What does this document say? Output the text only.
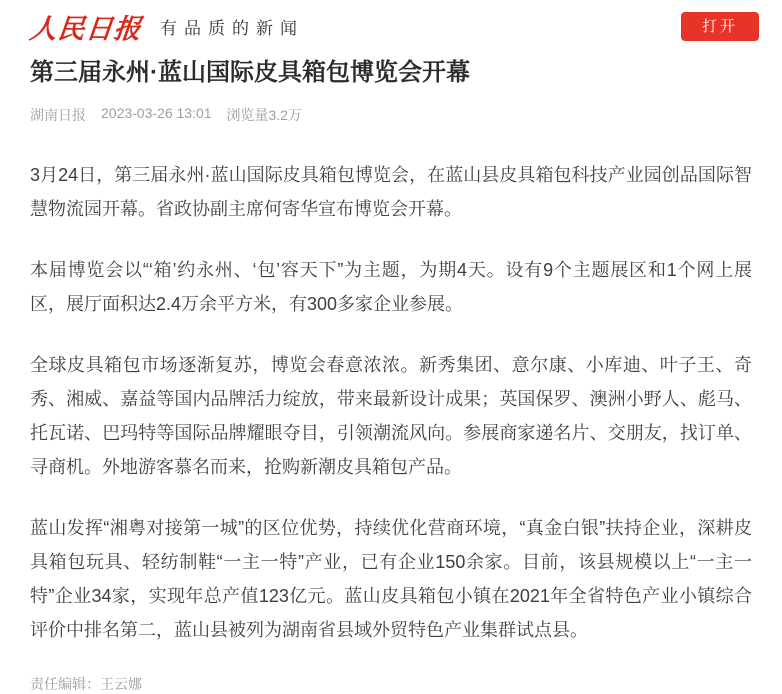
人民日报 有品质的新闻	打开
第三届永州·蓝山国际皮具箱包博览会开幕
湖南日报 2023-03-26 13:01 浏览量3.2万

3月24日，第三届永州·蓝山国际皮具箱包博览会，在蓝山县皮具箱包科技产业园创品国际智慧物流园开幕。省政协副主席何寄华宣布博览会开幕。

本届博览会以“‘箱’约永州、‘包’容天下”为主题，为期4天。设有9个主题展区和1个网上展区，展厅面积达2.4万余平方米，有300多家企业参展。

全球皮具箱包市场逐渐复苏，博览会春意浓浓。新秀集团、意尔康、小库迪、叶子王、奇秀、湘威、嘉益等国内品牌活力绽放，带来最新设计成果；英国保罗、澳洲小野人、彪马、托瓦诺、巴玛特等国际品牌耀眼夺目，引领潮流风向。参展商家递名片、交朋友，找订单、寻商机。外地游客慕名而来，抢购新潮皮具箱包产品。

蓝山发挥“湘粤对接第一城”的区位优势，持续优化营商环境，“真金白银”扶持企业，深耕皮具箱包玩具、轻纺制鞋“一主一特”产业，已有企业150余家。目前，该县规模以上“一主一特”企业34家，实现年总产值123亿元。蓝山皮具箱包小镇在2021年全省特色产业小镇综合评价中排名第二，蓝山县被列为湖南省县域外贸特色产业集群试点县。

责任编辑：王云娜
